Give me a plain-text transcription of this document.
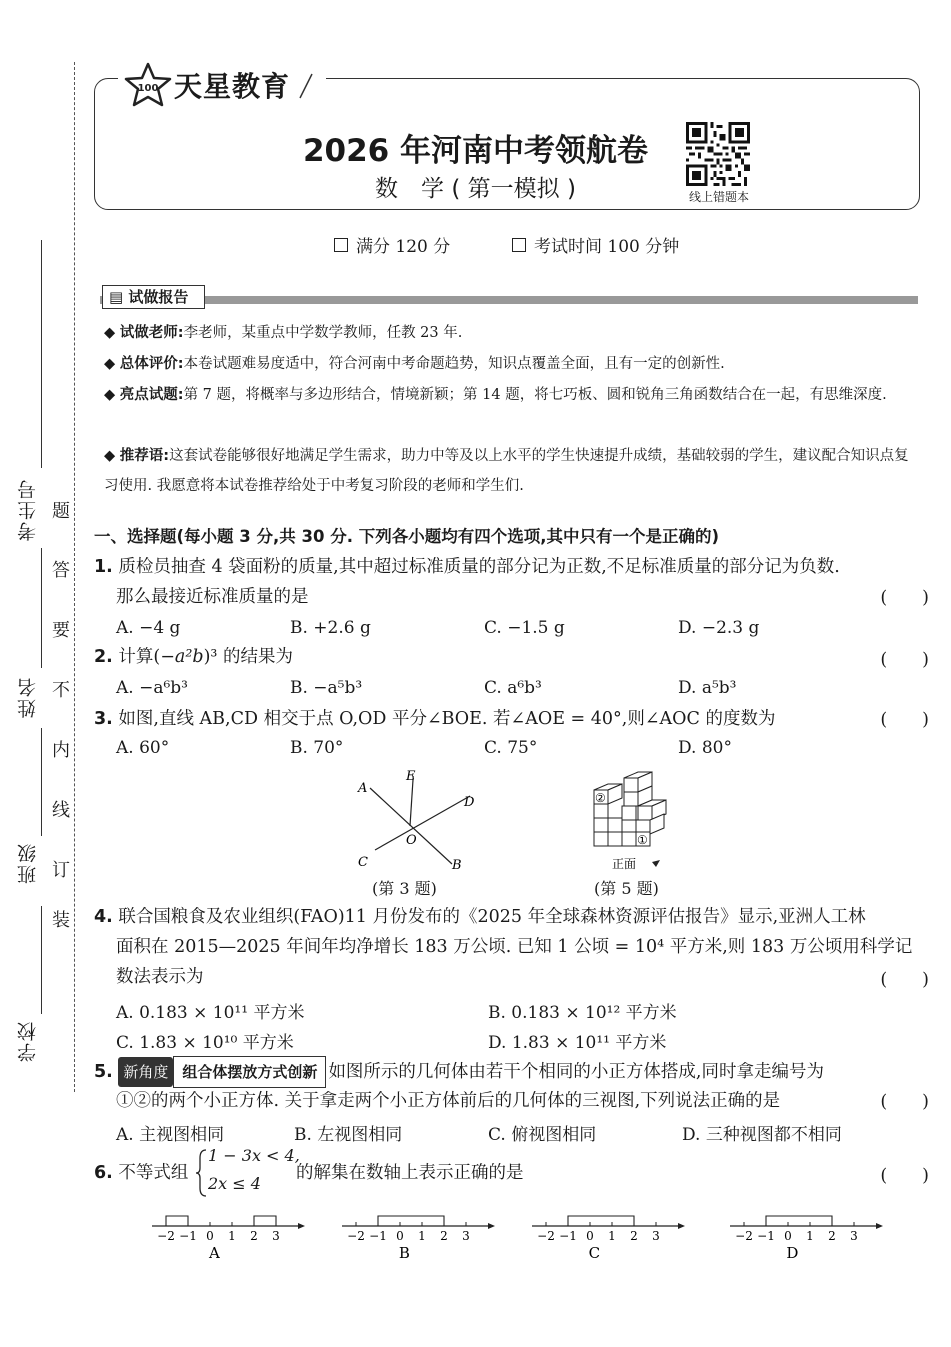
考生号
姓名
班级
学校
题
答
要
不
内
线
订
装
100 天星教育
2026 年河南中考领航卷
数　学 ( 第一模拟 )	线上错题本
满分 120 分	考试时间 100 分钟
▤ 试做报告
◆ 试做老师:李老师，某重点中学数学教师，任教 23 年.
◆ 总体评价:本卷试题难易度适中，符合河南中考命题趋势，知识点覆盖全面，且有一定的创新性.
◆ 亮点试题:第 7 题，将概率与多边形结合，情境新颖；第 14 题，将七巧板、圆和锐角三角函数结合在一起，有思维深度.
◆ 推荐语:这套试卷能够很好地满足学生需求，助力中等及以上水平的学生快速提升成绩，基础较弱的学生，建议配合知识点复习使用. 我愿意将本试卷推荐给处于中考复习阶段的老师和学生们.
一、选择题(每小题 3 分,共 30 分. 下列各小题均有四个选项,其中只有一个是正确的)
1. 质检员抽查 4 袋面粉的质量,其中超过标准质量的部分记为正数,不足标准质量的部分记为负数.
那么最接近标准质量的是	(　　)
A. −4 g	B. +2.6 g	C. −1.5 g	D. −2.3 g
2. 计算(−a²b)³ 的结果为	(　　)
A. −a⁶b³	B. −a⁵b³	C. a⁶b³	D. a⁵b³
3. 如图,直线 AB,CD 相交于点 O,OD 平分∠BOE. 若∠AOE = 40°,则∠AOC 的度数为	(　　)
A. 60°	B. 70°	C. 75°	D. 80°
A
E
D
O
C	B
(第 3 题)
②
①
正面
(第 5 题)
4. 联合国粮食及农业组织(FAO)11 月份发布的《2025 年全球森林资源评估报告》显示,亚洲人工林
面积在 2015—2025 年间年均净增长 183 万公顷. 已知 1 公顷 = 10⁴ 平方米,则 183 万公顷用科学记
数法表示为	(　　)
A. 0.183 × 10¹¹ 平方米	B. 0.183 × 10¹² 平方米
C. 1.83 × 10¹⁰ 平方米	D. 1.83 × 10¹¹ 平方米
5. 新角度 组合体摆放方式创新 如图所示的几何体由若干个相同的小正方体搭成,同时拿走编号为
①②的两个小正方体. 关于拿走两个小正方体前后的几何体的三视图,下列说法正确的是	(　　)
A. 主视图相同	B. 左视图相同	C. 俯视图相同	D. 三种视图都不相同
6. 不等式组
1 − 3x < 4,
2x ≤ 4
的解集在数轴上表示正确的是	(　　)
−2 −1 0 1 2 3
A
−2 −1 0 1 2 3
B
−2 −1 0 1 2 3
C
−2 −1 0 1 2 3
D
